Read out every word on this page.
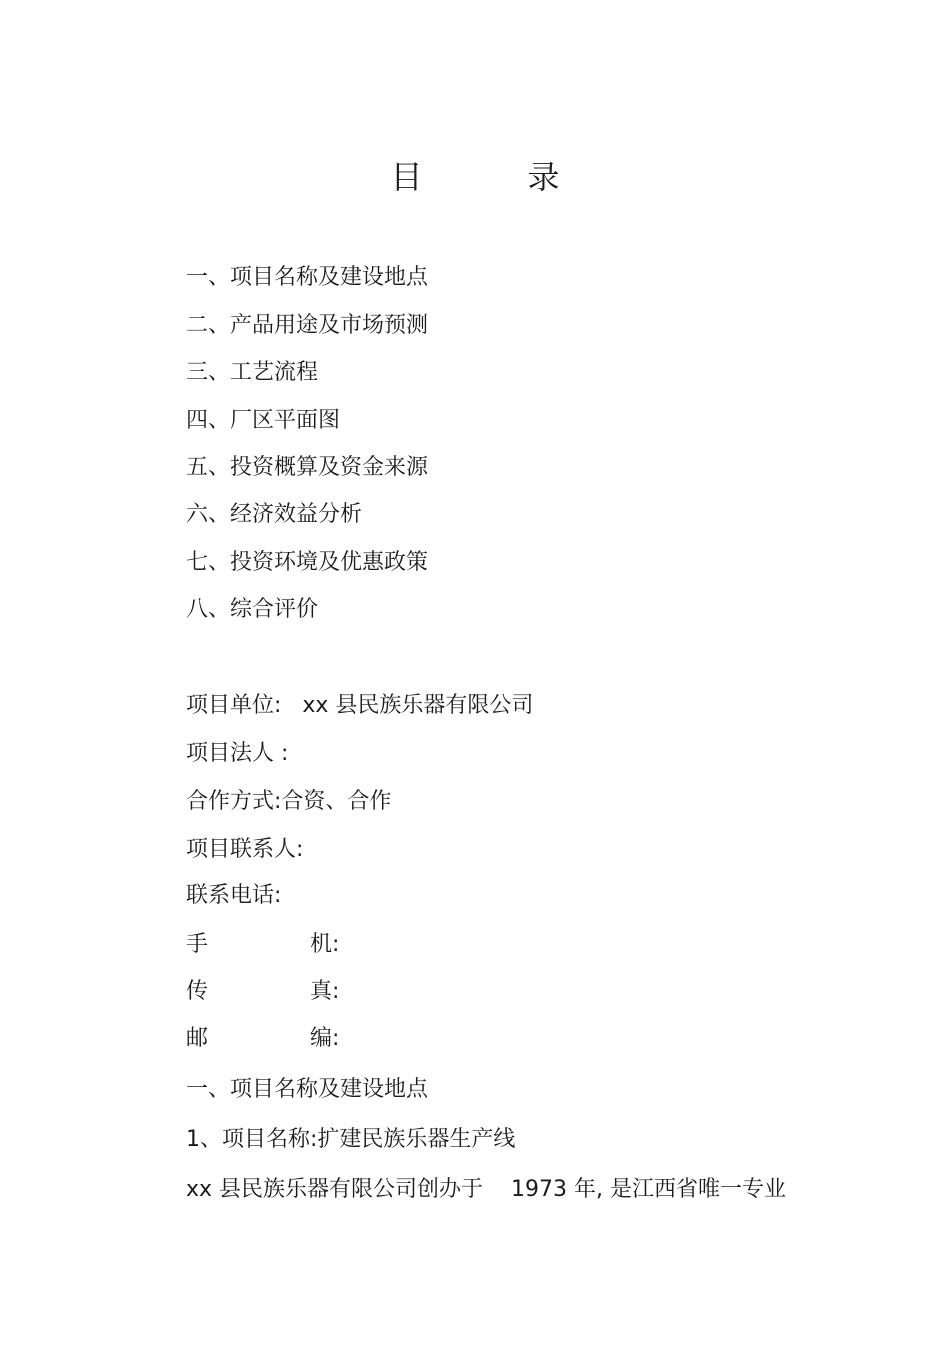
目	录
一、项目名称及建设地点
二、产品用途及市场预测
三、工艺流程
四、厂区平面图
五、投资概算及资金来源
六、经济效益分析
七、投资环境及优惠政策
八、综合评价
项目单位:   xx 县民族乐器有限公司
项目法人 :
合作方式:合资、合作
项目联系人:
联系电话:
手	机:
传	真:
邮	编:
一、项目名称及建设地点
1、项目名称:扩建民族乐器生产线
xx 县民族乐器有限公司创办于    1973 年, 是江西省唯一专业
